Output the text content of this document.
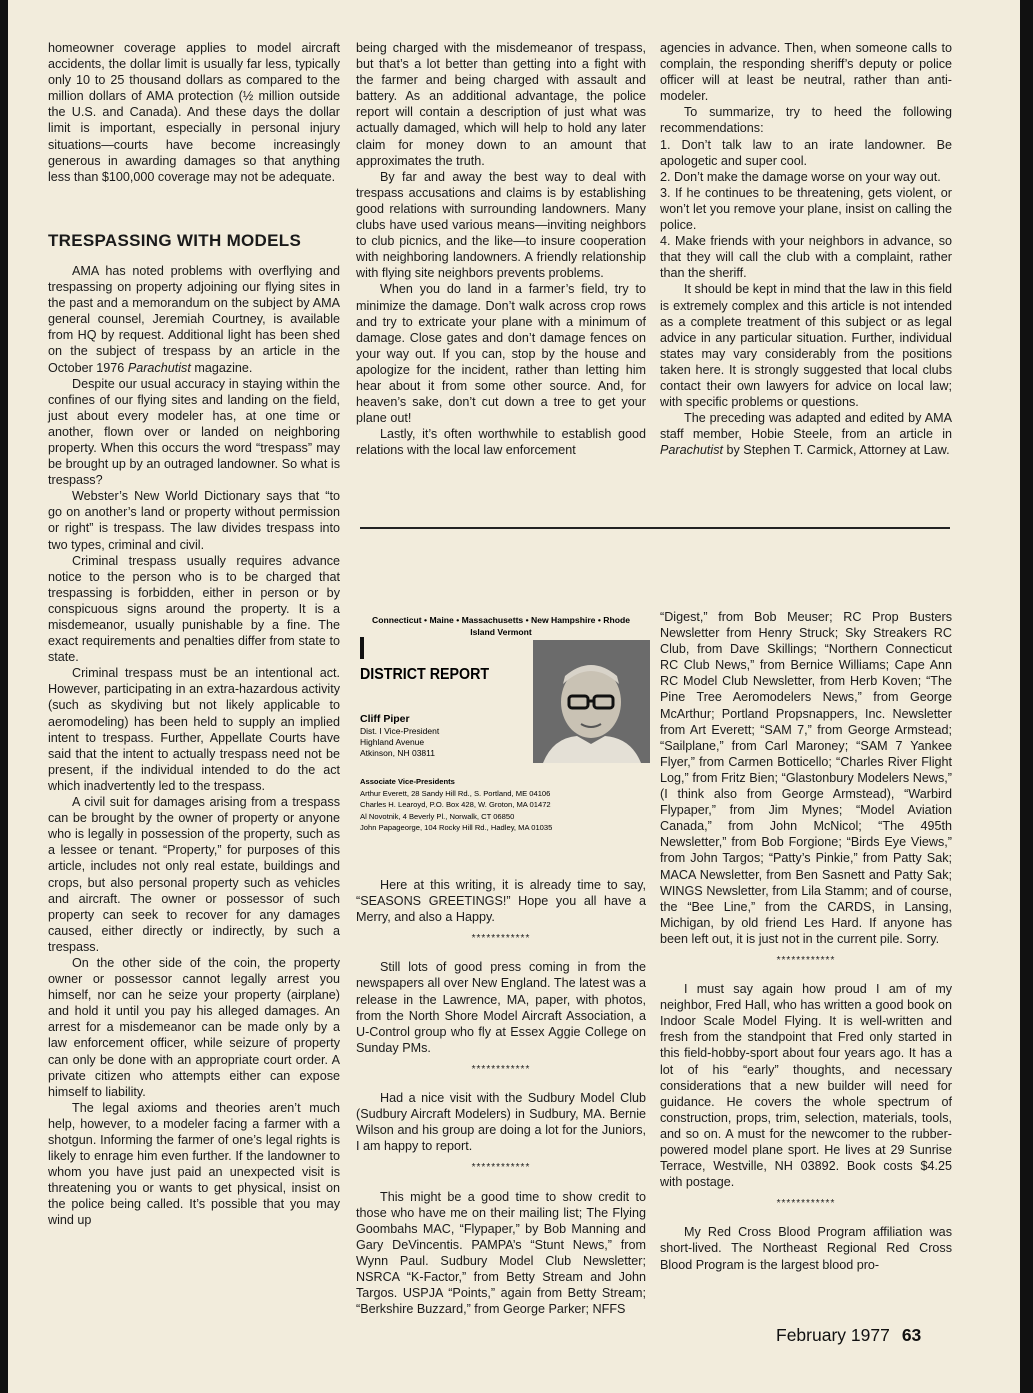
homeowner coverage applies to model aircraft accidents, the dollar limit is usually far less, typically only 10 to 25 thousand dollars as compared to the million dollars of AMA protection (½ million outside the U.S. and Canada). And these days the dollar limit is important, especially in personal injury situations—courts have become increasingly generous in awarding damages so that anything less than $100,000 coverage may not be adequate.

TRESPASSING WITH MODELS

AMA has noted problems with overflying and trespassing on property adjoining our flying sites in the past and a memorandum on the subject by AMA general counsel, Jeremiah Courtney, is available from HQ by request. Additional light has been shed on the subject of trespass by an article in the October 1976 Parachutist magazine.

Despite our usual accuracy in staying within the confines of our flying sites and landing on the field, just about every modeler has, at one time or another, flown over or landed on neighboring property. When this occurs the word “trespass” may be brought up by an outraged landowner. So what is trespass?

Webster’s New World Dictionary says that “to go on another’s land or property without permission or right” is trespass. The law divides trespass into two types, criminal and civil.

Criminal trespass usually requires advance notice to the person who is to be charged that trespassing is forbidden, either in person or by conspicuous signs around the property. It is a misdemeanor, usually punishable by a fine. The exact requirements and penalties differ from state to state.

Criminal trespass must be an intentional act. However, participating in an extra-hazardous activity (such as skydiving but not likely applicable to aeromodeling) has been held to supply an implied intent to trespass. Further, Appellate Courts have said that the intent to actually trespass need not be present, if the individual intended to do the act which inadvertently led to the trespass.

A civil suit for damages arising from a trespass can be brought by the owner of property or anyone who is legally in possession of the property, such as a lessee or tenant. “Property,” for purposes of this article, includes not only real estate, buildings and crops, but also personal property such as vehicles and aircraft. The owner or possessor of such property can seek to recover for any damages caused, either directly or indirectly, by such a trespass.

On the other side of the coin, the property owner or possessor cannot legally arrest you himself, nor can he seize your property (airplane) and hold it until you pay his alleged damages. An arrest for a misdemeanor can be made only by a law enforcement officer, while seizure of property can only be done with an appropriate court order. A private citizen who attempts either can expose himself to liability.

The legal axioms and theories aren’t much help, however, to a modeler facing a farmer with a shotgun. Informing the farmer of one’s legal rights is likely to enrage him even further. If the landowner to whom you have just paid an unexpected visit is threatening you or wants to get physical, insist on the police being called. It’s possible that you may wind up

being charged with the misdemeanor of trespass, but that’s a lot better than getting into a fight with the farmer and being charged with assault and battery. As an additional advantage, the police report will contain a description of just what was actually damaged, which will help to hold any later claim for money down to an amount that approximates the truth.

By far and away the best way to deal with trespass accusations and claims is by establishing good relations with surrounding landowners. Many clubs have used various means—inviting neighbors to club picnics, and the like—to insure cooperation with neighboring landowners. A friendly relationship with flying site neighbors prevents problems.

When you do land in a farmer’s field, try to minimize the damage. Don’t walk across crop rows and try to extricate your plane with a minimum of damage. Close gates and don’t damage fences on your way out. If you can, stop by the house and apologize for the incident, rather than letting him hear about it from some other source. And, for heaven’s sake, don’t cut down a tree to get your plane out!

Lastly, it’s often worthwhile to establish good relations with the local law enforcement

agencies in advance. Then, when someone calls to complain, the responding sheriff’s deputy or police officer will at least be neutral, rather than anti-modeler.

To summarize, try to heed the following recommendations:

1. Don’t talk law to an irate landowner. Be apologetic and super cool.

2. Don’t make the damage worse on your way out.

3. If he continues to be threatening, gets violent, or won’t let you remove your plane, insist on calling the police.

4. Make friends with your neighbors in advance, so that they will call the club with a complaint, rather than the sheriff.

It should be kept in mind that the law in this field is extremely complex and this article is not intended as a complete treatment of this subject or as legal advice in any particular situation. Further, individual states may vary considerably from the positions taken here. It is strongly suggested that local clubs contact their own lawyers for advice on local law; with specific problems or questions.

The preceding was adapted and edited by AMA staff member, Hobie Steele, from an article in Parachutist by Stephen T. Carmick, Attorney at Law.

Connecticut • Maine • Massachusetts • New Hampshire • Rhode Island Vermont
DISTRICT REPORT
Cliff Piper
Dist. I Vice-President
Highland Avenue
Atkinson, NH 03811
Associate Vice-Presidents
Arthur Everett, 28 Sandy Hill Rd., S. Portland, ME 04106
Charles H. Learoyd, P.O. Box 428, W. Groton, MA 01472
Al Novotnik, 4 Beverly Pl., Norwalk, CT 06850
John Papageorge, 104 Rocky Hill Rd., Hadley, MA 01035

Here at this writing, it is already time to say, “SEASONS GREETINGS!” Hope you all have a Merry, and also a Happy.

************

Still lots of good press coming in from the newspapers all over New England. The latest was a release in the Lawrence, MA, paper, with photos, from the North Shore Model Aircraft Association, a U-Control group who fly at Essex Aggie College on Sunday PMs.

************

Had a nice visit with the Sudbury Model Club (Sudbury Aircraft Modelers) in Sudbury, MA. Bernie Wilson and his group are doing a lot for the Juniors, I am happy to report.

************

This might be a good time to show credit to those who have me on their mailing list; The Flying Goombahs MAC, “Flypaper,” by Bob Manning and Gary DeVincentis. PAMPA’s “Stunt News,” from Wynn Paul. Sudbury Model Club Newsletter; NSRCA “K-Factor,” from Betty Stream and John Targos. USPJA “Points,” again from Betty Stream; “Berkshire Buzzard,” from George Parker; NFFS

“Digest,” from Bob Meuser; RC Prop Busters Newsletter from Henry Struck; Sky Streakers RC Club, from Dave Skillings; “Northern Connecticut RC Club News,” from Bernice Williams; Cape Ann RC Model Club Newsletter, from Herb Koven; “The Pine Tree Aeromodelers News,” from George McArthur; Portland Propsnappers, Inc. Newsletter from Art Everett; “SAM 7,” from George Armstead; “Sailplane,” from Carl Maroney; “SAM 7 Yankee Flyer,” from Carmen Botticello; “Charles River Flight Log,” from Fritz Bien; “Glastonbury Modelers News,” (I think also from George Armstead), “Warbird Flypaper,” from Jim Mynes; “Model Aviation Canada,” from John McNicol; “The 495th Newsletter,” from Bob Forgione; “Birds Eye Views,” from John Targos; “Patty’s Pinkie,” from Patty Sak; MACA Newsletter, from Ben Sasnett and Patty Sak; WINGS Newsletter, from Lila Stamm; and of course, the “Bee Line,” from the CARDS, in Lansing, Michigan, by old friend Les Hard. If anyone has been left out, it is just not in the current pile. Sorry.

************

I must say again how proud I am of my neighbor, Fred Hall, who has written a good book on Indoor Scale Model Flying. It is well-written and fresh from the standpoint that Fred only started in this field-hobby-sport about four years ago. It has a lot of his “early” thoughts, and necessary considerations that a new builder will need for guidance. He covers the whole spectrum of construction, props, trim, selection, materials, tools, and so on. A must for the newcomer to the rubber-powered model plane sport. He lives at 29 Sunrise Terrace, Westville, NH 03892. Book costs $4.25 with postage.

************

My Red Cross Blood Program affiliation was short-lived. The Northeast Regional Red Cross Blood Program is the largest blood pro-

February 1977 63
